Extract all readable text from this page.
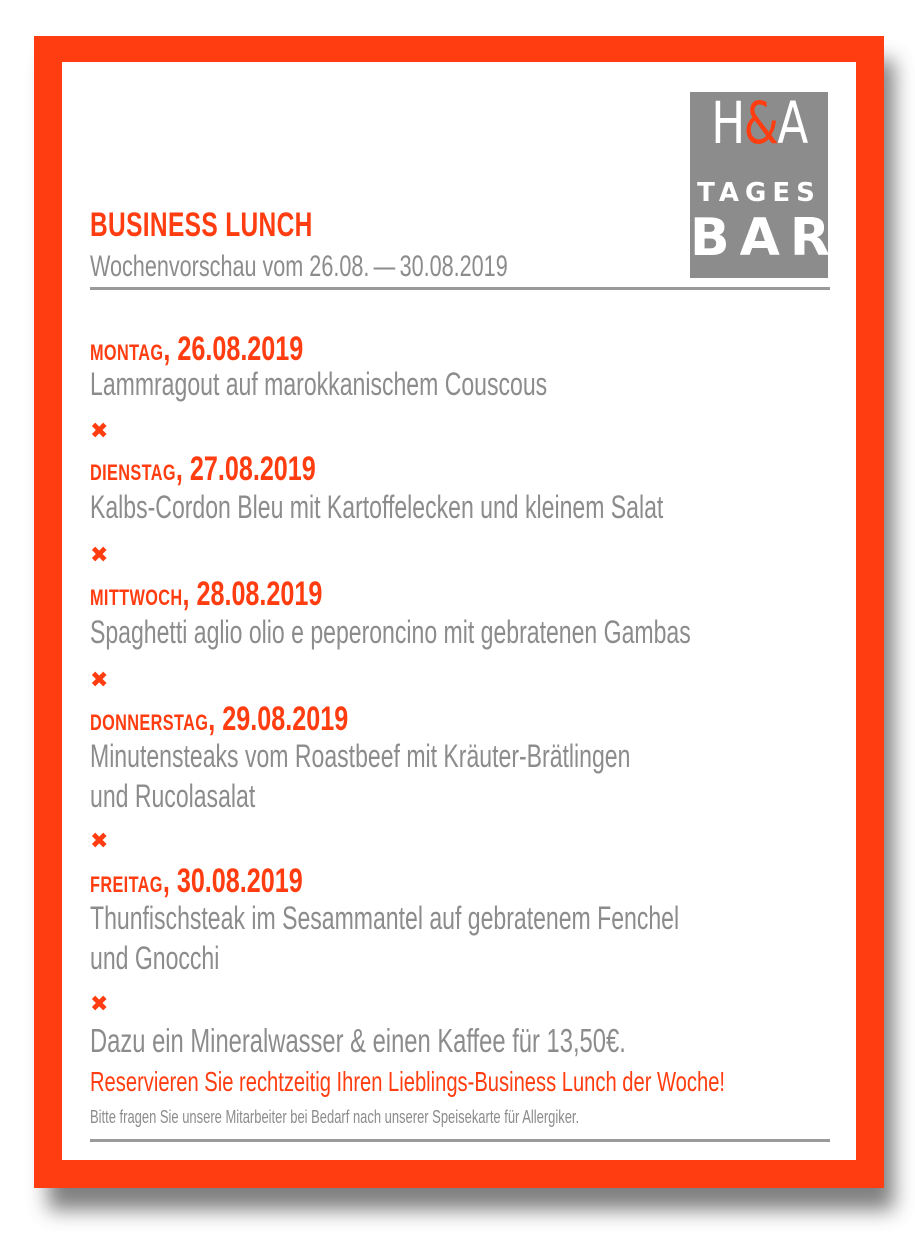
H&A
TAGES
BAR
BUSINESS LUNCH

Wochenvorschau vom 26.08. — 30.08.2019

MONTAG, 26.08.2019

Lammragout auf marokkanischem Couscous

✖

DIENSTAG, 27.08.2019

Kalbs-Cordon Bleu mit Kartoffelecken und kleinem Salat

✖

MITTWOCH, 28.08.2019

Spaghetti aglio olio e peperoncino mit gebratenen Gambas

✖

DONNERSTAG, 29.08.2019

Minutensteaks vom Roastbeef mit Kräuter-Brätlingen
und Rucolasalat

✖

FREITAG, 30.08.2019

Thunfischsteak im Sesammantel auf gebratenem Fenchel
und Gnocchi

✖

Dazu ein Mineralwasser & einen Kaffee für 13,50€.

Reservieren Sie rechtzeitig Ihren Lieblings-Business Lunch der Woche!

Bitte fragen Sie unsere Mitarbeiter bei Bedarf nach unserer Speisekarte für Allergiker.
